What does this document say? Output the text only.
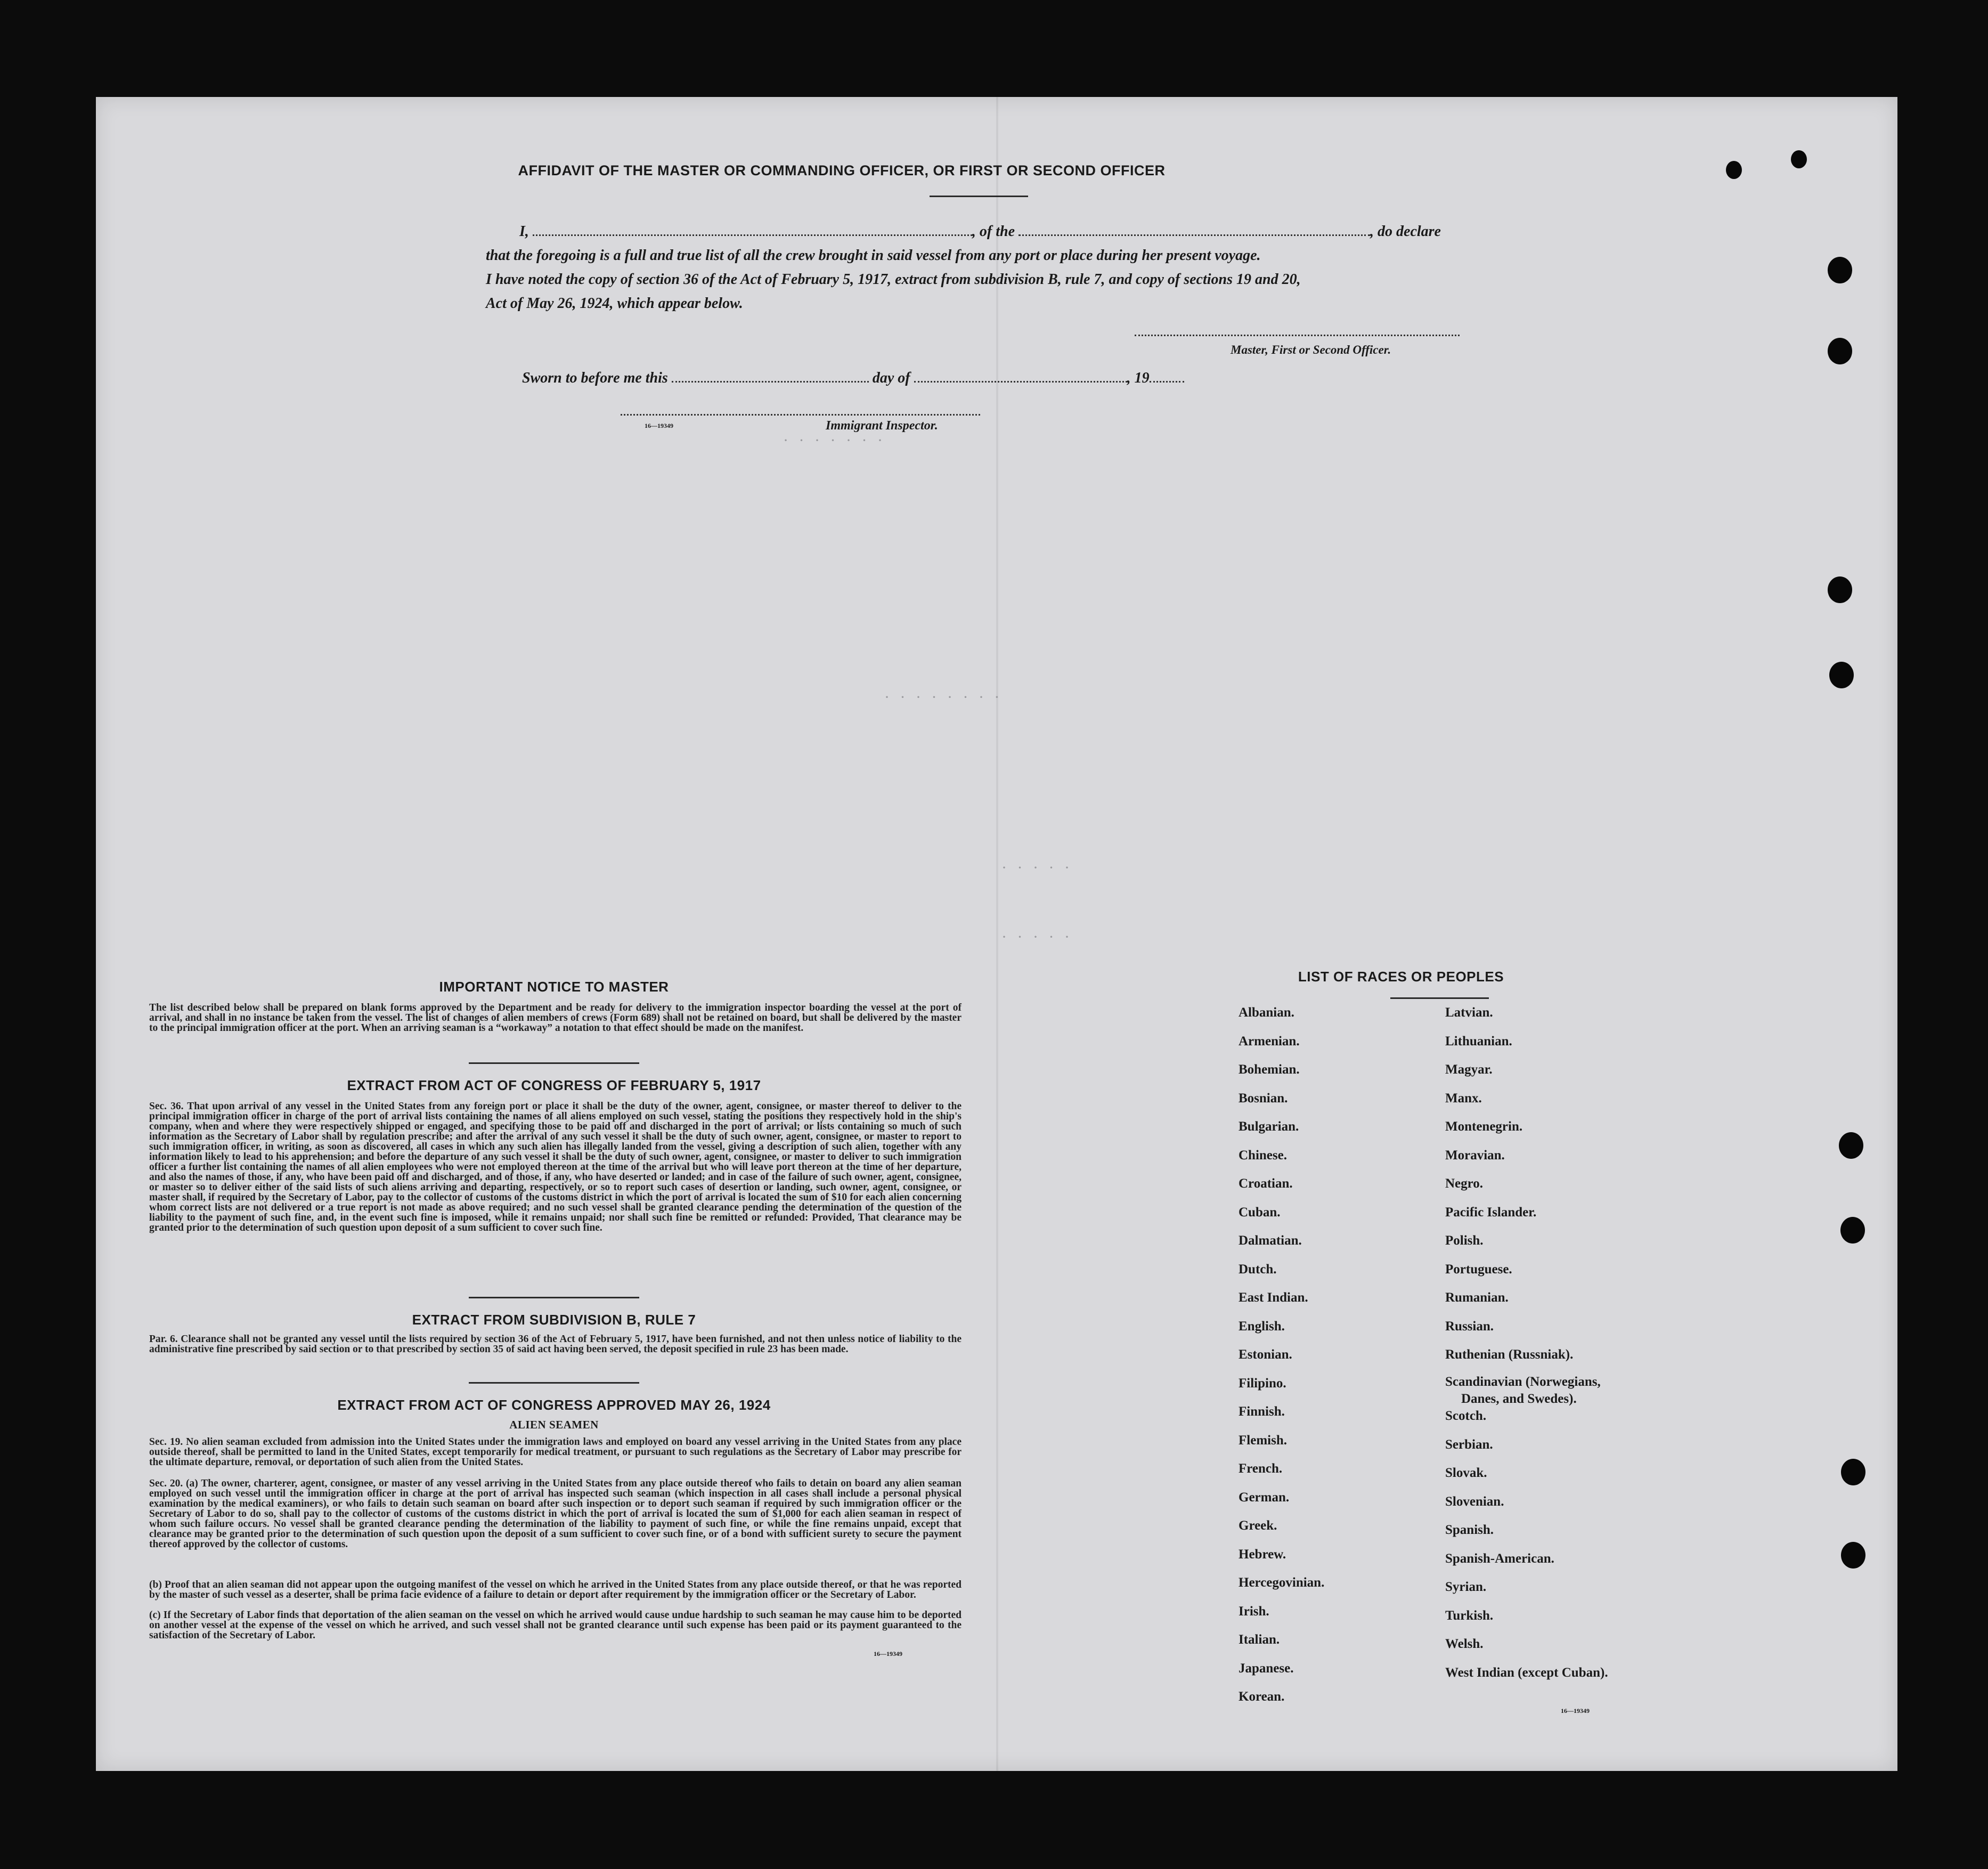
· · · · · · ·
· · · · · · · ·
· · · · ·
· · · · ·
AFFIDAVIT OF THE MASTER OR COMMANDING OFFICER, OR FIRST OR SECOND OFFICER
I,	, of the	, do declare
that the foregoing is a full and true list of all the crew brought in said vessel from any port or place during her present voyage.
I have noted the copy of section 36 of the Act of February 5, 1917, extract from subdivision B, rule 7, and copy of sections 19 and 20,
Act of May 26, 1924, which appear below.
Master, First or Second Officer.
Sworn to before me this	day of	, 19
16—19349	Immigrant Inspector.
IMPORTANT NOTICE TO MASTER
The list described below shall be prepared on blank forms approved by the Department and be ready for delivery to the immigration inspector boarding the vessel at the port of arrival, and shall in no instance be taken from the vessel. The list of changes of alien members of crews (Form 689) shall not be retained on board, but shall be delivered by the master to the principal immigration officer at the port. When an arriving seaman is a “workaway” a notation to that effect should be made on the manifest.
EXTRACT FROM ACT OF CONGRESS OF FEBRUARY 5, 1917
Sec. 36. That upon arrival of any vessel in the United States from any foreign port or place it shall be the duty of the owner, agent, consignee, or master thereof to deliver to the principal immigration officer in charge of the port of arrival lists containing the names of all aliens employed on such vessel, stating the positions they respectively hold in the ship's company, when and where they were respectively shipped or engaged, and specifying those to be paid off and discharged in the port of arrival; or lists containing so much of such information as the Secretary of Labor shall by regulation prescribe; and after the arrival of any such vessel it shall be the duty of such owner, agent, consignee, or master to report to such immigration officer, in writing, as soon as discovered, all cases in which any such alien has illegally landed from the vessel, giving a description of such alien, together with any information likely to lead to his apprehension; and before the departure of any such vessel it shall be the duty of such owner, agent, consignee, or master to deliver to such immigration officer a further list containing the names of all alien employees who were not employed thereon at the time of the arrival but who will leave port thereon at the time of her departure, and also the names of those, if any, who have been paid off and discharged, and of those, if any, who have deserted or landed; and in case of the failure of such owner, agent, consignee, or master so to deliver either of the said lists of such aliens arriving and departing, respectively, or so to report such cases of desertion or landing, such owner, agent, consignee, or master shall, if required by the Secretary of Labor, pay to the collector of customs of the customs district in which the port of arrival is located the sum of $10 for each alien concerning whom correct lists are not delivered or a true report is not made as above required; and no such vessel shall be granted clearance pending the determination of the question of the liability to the payment of such fine, and, in the event such fine is imposed, while it remains unpaid; nor shall such fine be remitted or refunded: Provided, That clearance may be granted prior to the determination of such question upon deposit of a sum sufficient to cover such fine.
EXTRACT FROM SUBDIVISION B, RULE 7
Par. 6. Clearance shall not be granted any vessel until the lists required by section 36 of the Act of February 5, 1917, have been furnished, and not then unless notice of liability to the administrative fine prescribed by said section or to that prescribed by section 35 of said act having been served, the deposit specified in rule 23 has been made.
EXTRACT FROM ACT OF CONGRESS APPROVED MAY 26, 1924
ALIEN SEAMEN
Sec. 19. No alien seaman excluded from admission into the United States under the immigration laws and employed on board any vessel arriving in the United States from any place outside thereof, shall be permitted to land in the United States, except temporarily for medical treatment, or pursuant to such regulations as the Secretary of Labor may prescribe for the ultimate departure, removal, or deportation of such alien from the United States.
Sec. 20. (a) The owner, charterer, agent, consignee, or master of any vessel arriving in the United States from any place outside thereof who fails to detain on board any alien seaman employed on such vessel until the immigration officer in charge at the port of arrival has inspected such seaman (which inspection in all cases shall include a personal physical examination by the medical examiners), or who fails to detain such seaman on board after such inspection or to deport such seaman if required by such immigration officer or the Secretary of Labor to do so, shall pay to the collector of customs of the customs district in which the port of arrival is located the sum of $1,000 for each alien seaman in respect of whom such failure occurs. No vessel shall be granted clearance pending the determination of the liability to payment of such fine, or while the fine remains unpaid, except that clearance may be granted prior to the determination of such question upon the deposit of a sum sufficient to cover such fine, or of a bond with sufficient surety to secure the payment thereof approved by the collector of customs.
(b) Proof that an alien seaman did not appear upon the outgoing manifest of the vessel on which he arrived in the United States from any place outside thereof, or that he was reported by the master of such vessel as a deserter, shall be prima facie evidence of a failure to detain or deport after requirement by the immigration officer or the Secretary of Labor.
(c) If the Secretary of Labor finds that deportation of the alien seaman on the vessel on which he arrived would cause undue hardship to such seaman he may cause him to be deported on another vessel at the expense of the vessel on which he arrived, and such vessel shall not be granted clearance until such expense has been paid or its payment guaranteed to the satisfaction of the Secretary of Labor.
16—19349
LIST OF RACES OR PEOPLES
Albanian.
Armenian.
Bohemian.
Bosnian.
Bulgarian.
Chinese.
Croatian.
Cuban.
Dalmatian.
Dutch.
East Indian.
English.
Estonian.
Filipino.
Finnish.
Flemish.
French.
German.
Greek.
Hebrew.
Hercegovinian.
Irish.
Italian.
Japanese.
Korean.
Latvian.
Lithuanian.
Magyar.
Manx.
Montenegrin.
Moravian.
Negro.
Pacific Islander.
Polish.
Portuguese.
Rumanian.
Russian.
Ruthenian (Russniak).
Scandinavian (Norwegians,
Danes, and Swedes).
Scotch.
Serbian.
Slovak.
Slovenian.
Spanish.
Spanish-American.
Syrian.
Turkish.
Welsh.
West Indian (except Cuban).
16—19349
